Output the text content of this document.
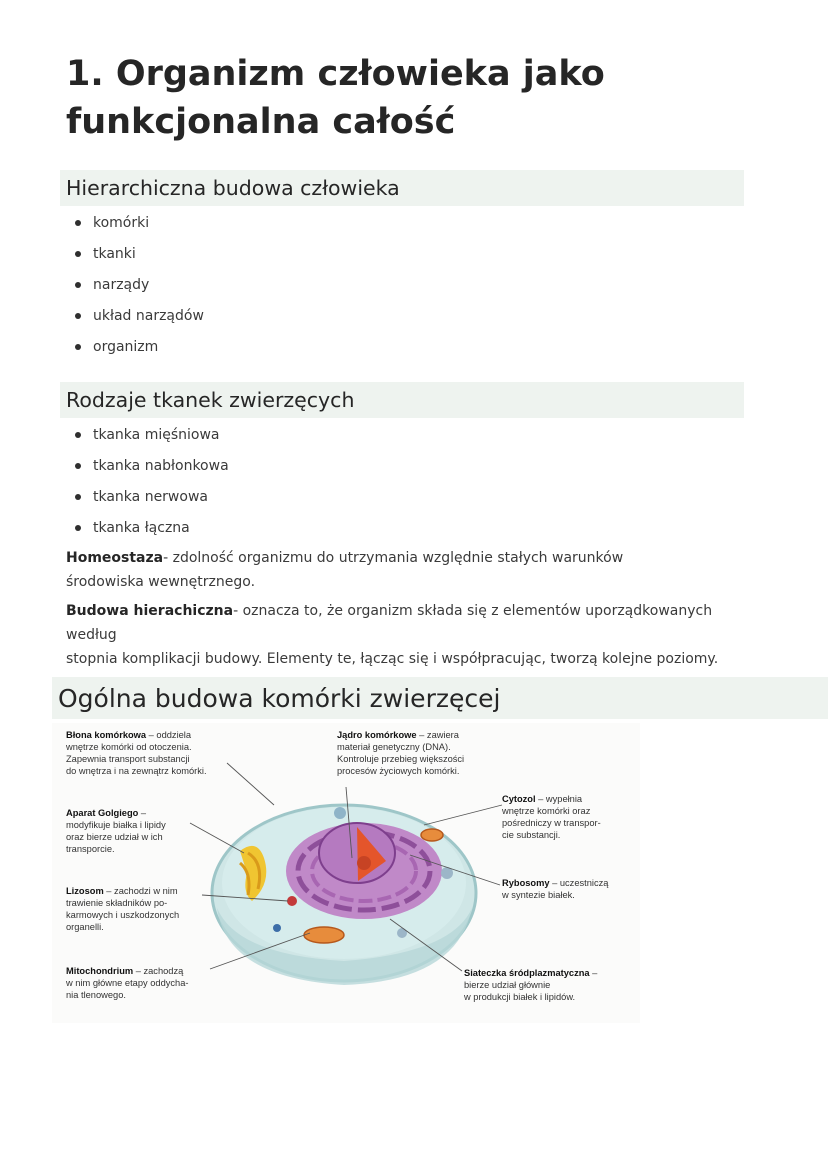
1. Organizm człowieka jako
funkcjonalna całość
Hierarchiczna budowa człowieka
komórki
tkanki
narządy
układ narządów
organizm
Rodzaje tkanek zwierzęcych
tkanka mięśniowa
tkanka nabłonkowa
tkanka nerwowa
tkanka łączna

Homeostaza- zdolność organizmu do utrzymania względnie stałych warunków
środowiska wewnętrznego.

Budowa hierachiczna- oznacza to, że organizm składa się z elementów uporządkowanych według
stopnia komplikacji budowy. Elementy te, łącząc się i współpracując, tworzą kolejne poziomy.

Ogólna budowa komórki zwierzęcej

Błona komórkowa – oddziela
wnętrze komórki od otoczenia.
Zapewnia transport substancji
do wnętrza i na zewnątrz komórki.

Jądro komórkowe – zawiera
materiał genetyczny (DNA).
Kontroluje przebieg większości
procesów życiowych komórki.

Aparat Golgiego –
modyfikuje białka i lipidy
oraz bierze udział w ich
transporcie.

Cytozol – wypełnia
wnętrze komórki oraz
pośredniczy w transpor-
cie substancji.

Lizosom – zachodzi w nim
trawienie składników po-
karmowych i uszkodzonych
organelli.

Rybosomy – uczestniczą
w syntezie białek.

Mitochondrium – zachodzą
w nim główne etapy oddycha-
nia tlenowego.

Siateczka śródplazmatyczna –
bierze udział głównie
w produkcji białek i lipidów.
